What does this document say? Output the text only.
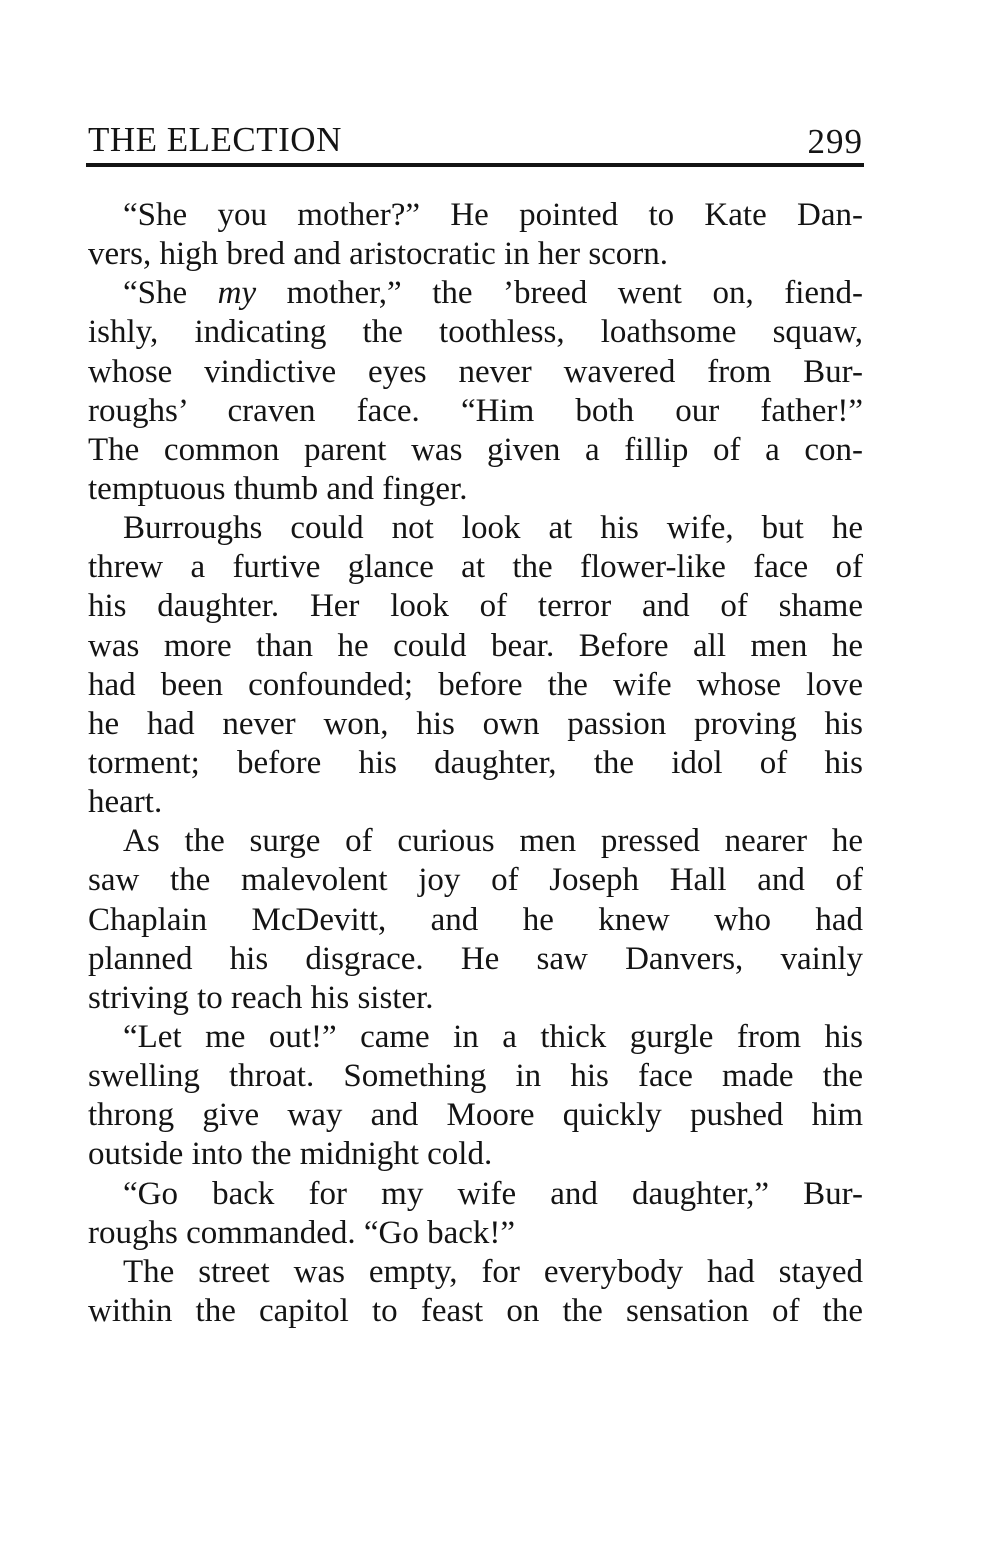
THE ELECTION	299
“She you mother?” He pointed to Kate Dan-
vers, high bred and aristocratic in her scorn.
“She my mother,” the ’breed went on, fiend-
ishly, indicating the toothless, loathsome squaw,
whose vindictive eyes never wavered from Bur-
roughs’ craven face. “Him both our father!”
The common parent was given a fillip of a con-
temptuous thumb and finger.
Burroughs could not look at his wife, but he
threw a furtive glance at the flower-like face of
his daughter. Her look of terror and of shame
was more than he could bear. Before all men he
had been confounded; before the wife whose love
he had never won, his own passion proving his
torment; before his daughter, the idol of his
heart.
As the surge of curious men pressed nearer he
saw the malevolent joy of Joseph Hall and of
Chaplain McDevitt, and he knew who had
planned his disgrace. He saw Danvers, vainly
striving to reach his sister.
“Let me out!” came in a thick gurgle from his
swelling throat. Something in his face made the
throng give way and Moore quickly pushed him
outside into the midnight cold.
“Go back for my wife and daughter,” Bur-
roughs commanded. “Go back!”
The street was empty, for everybody had stayed
within the capitol to feast on the sensation of the
